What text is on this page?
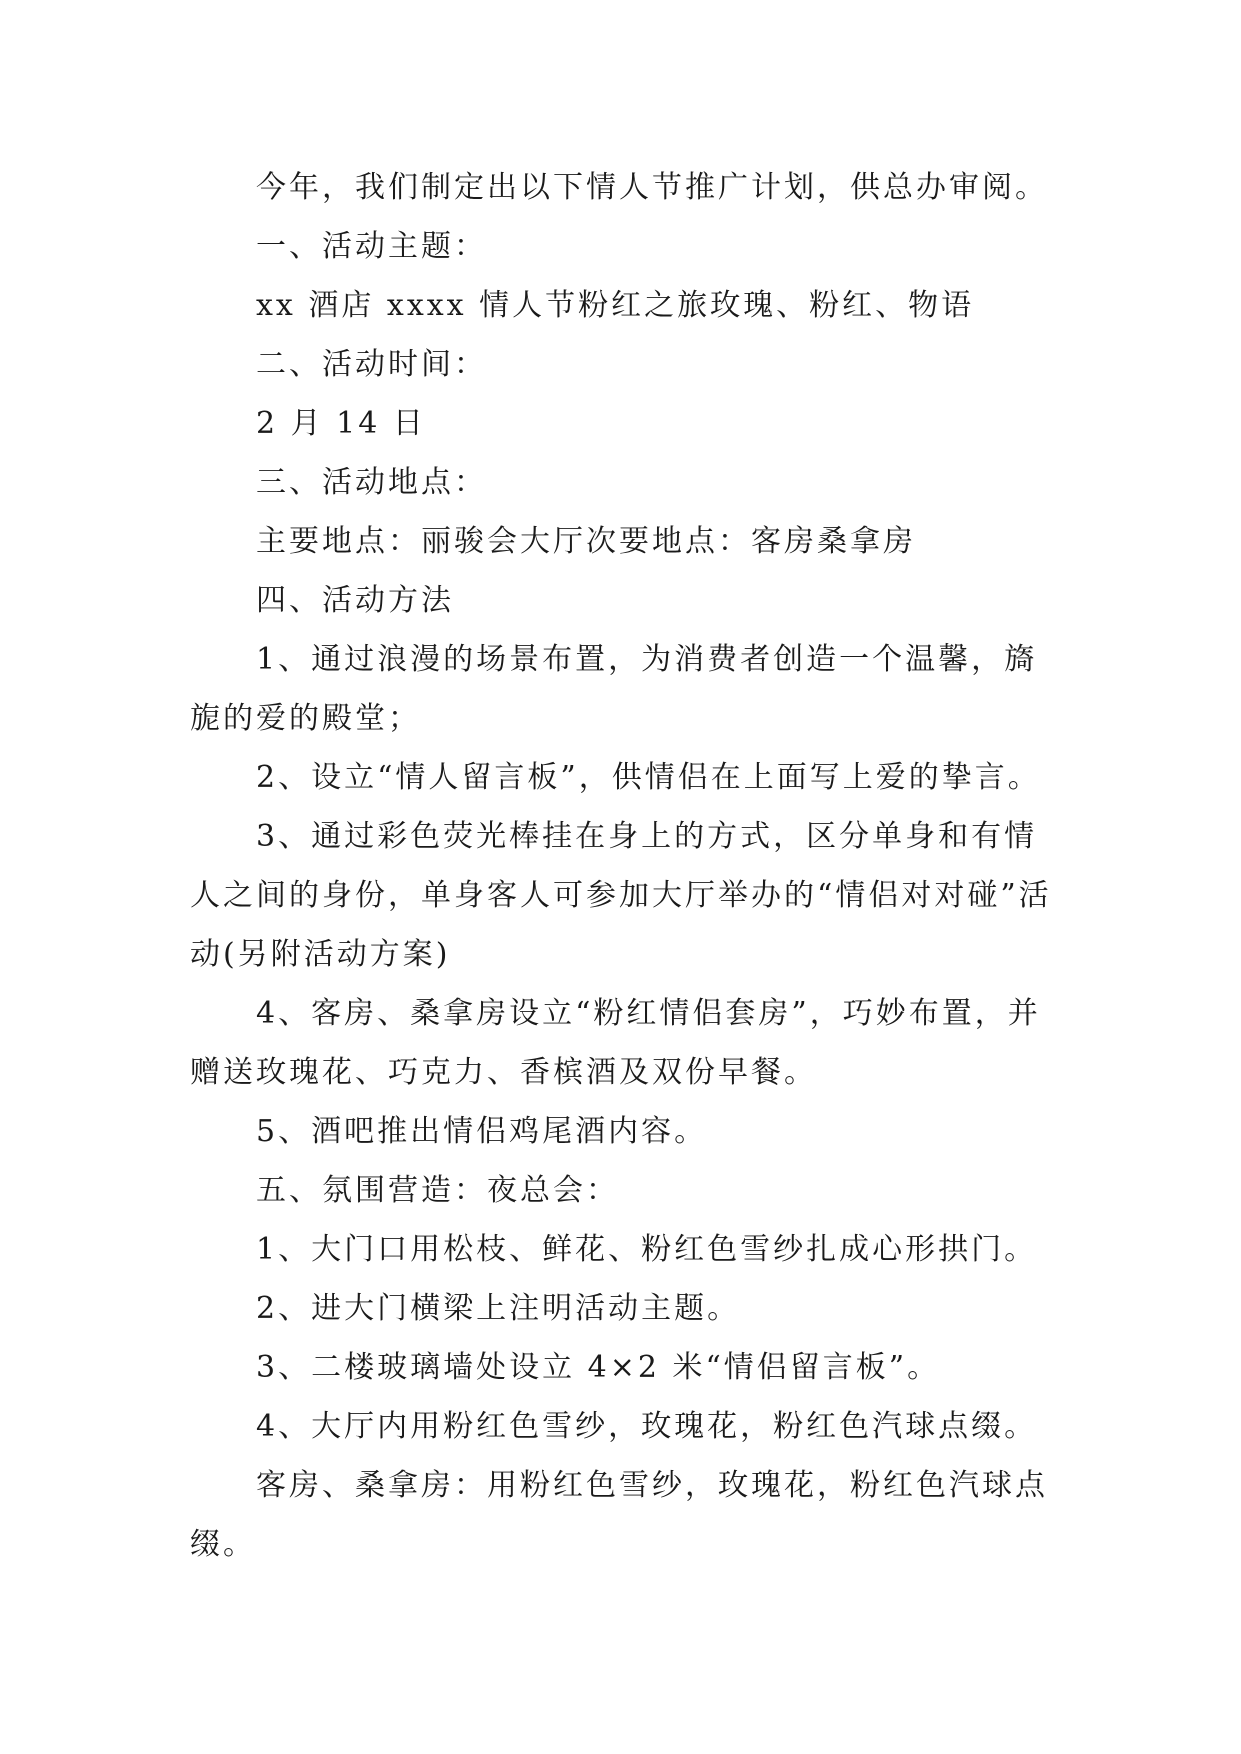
今年，我们制定出以下情人节推广计划，供总办审阅。

一、活动主题：

xx 酒店 xxxx 情人节粉红之旅玫瑰、粉红、物语

二、活动时间：

2 月 14 日

三、活动地点：

主要地点：丽骏会大厅次要地点：客房桑拿房

四、活动方法

1、通过浪漫的场景布置，为消费者创造一个温馨，旖旎的爱的殿堂；

2、设立“情人留言板”，供情侣在上面写上爱的挚言。

3、通过彩色荧光棒挂在身上的方式，区分单身和有情人之间的身份，单身客人可参加大厅举办的“情侣对对碰”活动(另附活动方案)

4、客房、桑拿房设立“粉红情侣套房”，巧妙布置，并赠送玫瑰花、巧克力、香槟酒及双份早餐。

5、酒吧推出情侣鸡尾酒内容。

五、氛围营造：夜总会：

1、大门口用松枝、鲜花、粉红色雪纱扎成心形拱门。

2、进大门横梁上注明活动主题。

3、二楼玻璃墙处设立 4×2 米“情侣留言板”。

4、大厅内用粉红色雪纱，玫瑰花，粉红色汽球点缀。

客房、桑拿房：用粉红色雪纱，玫瑰花，粉红色汽球点缀。
